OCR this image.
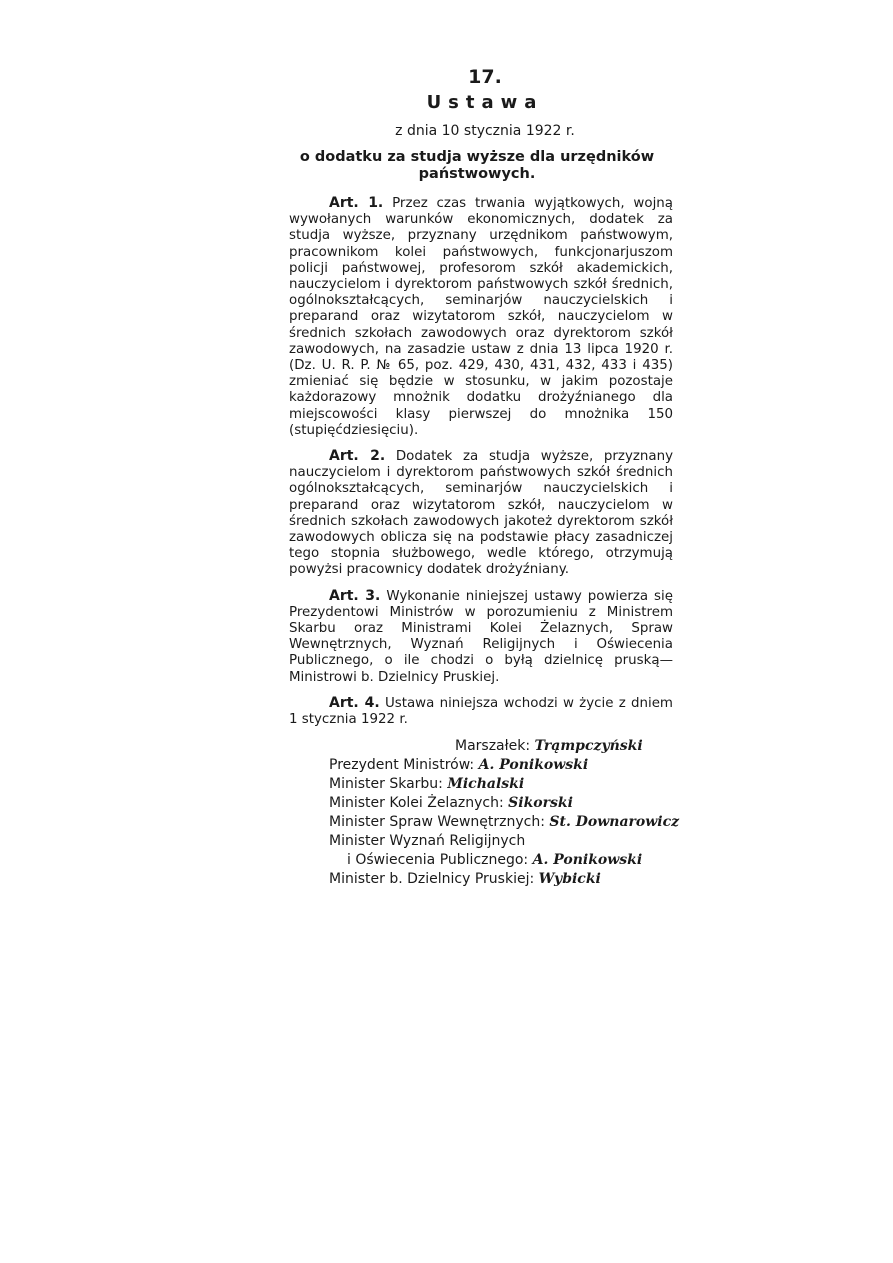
17.
Ustawa
z dnia 10 stycznia 1922 r.
o dodatku za studja wyższe dla urzędników państwowych.

Art. 1. Przez czas trwania wyjątkowych, wojną wywołanych warunków ekonomicznych, dodatek za studja wyższe, przyznany urzędnikom państwowym, pracownikom kolei państwowych, funkcjonarjuszom policji państwowej, profesorom szkół akademickich, nauczycielom i dyrektorom państwowych szkół średnich, ogólnokształcących, seminarjów nauczycielskich i preparand oraz wizytatorom szkół, nauczycielom w średnich szkołach zawodowych oraz dyrektorom szkół zawodowych, na zasadzie ustaw z dnia 13 lipca 1920 r. (Dz. U. R. P. № 65, poz. 429, 430, 431, 432, 433 i 435) zmieniać się będzie w stosunku, w jakim pozostaje każdorazowy mnożnik dodatku drożyźnianego dla miejscowości klasy pierwszej do mnożnika 150 (stupięćdziesięciu).

Art. 2. Dodatek za studja wyższe, przyznany nauczycielom i dyrektorom państwowych szkół średnich ogólnokształcących, seminarjów nauczycielskich i preparand oraz wizytatorom szkół, nauczycielom w średnich szkołach zawodowych jakoteż dyrektorom szkół zawodowych oblicza się na podstawie płacy zasadniczej tego stopnia służbowego, wedle którego, otrzymują powyżsi pracownicy dodatek drożyźniany.

Art. 3. Wykonanie niniejszej ustawy powierza się Prezydentowi Ministrów w porozumieniu z Ministrem Skarbu oraz Ministrami Kolei Żelaznych, Spraw Wewnętrznych, Wyznań Religijnych i Oświecenia Publicznego, o ile chodzi o byłą dzielnicę pruską—Ministrowi b. Dzielnicy Pruskiej.

Art. 4. Ustawa niniejsza wchodzi w życie z dniem 1 stycznia 1922 r.

Marszałek: Trąmpczyński
Prezydent Ministrów: A. Ponikowski
Minister Skarbu: Michalski
Minister Kolei Żelaznych: Sikorski
Minister Spraw Wewnętrznych: St. Downarowicz
Minister Wyznań Religijnych
i Oświecenia Publicznego: A. Ponikowski
Minister b. Dzielnicy Pruskiej: Wybicki
